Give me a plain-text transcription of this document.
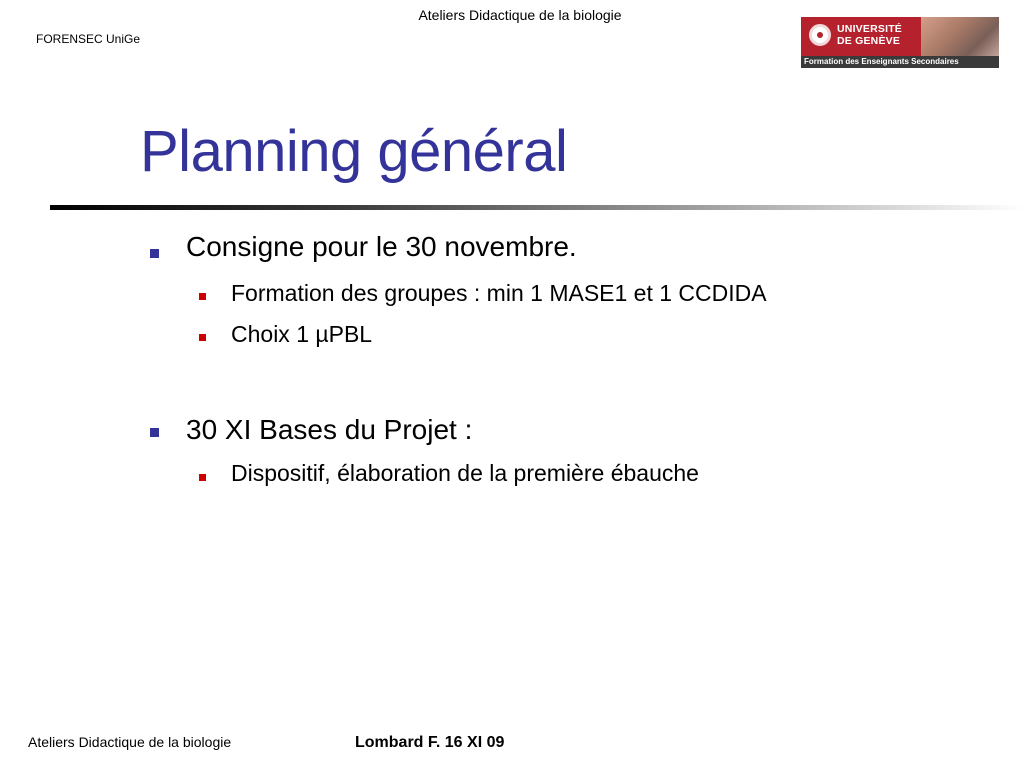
Ateliers Didactique de la biologie
FORENSEC UniGe
UNIVERSITÉ
DE GENÈVE
Formation des Enseignants Secondaires
Planning général
Consigne pour le 30 novembre.
Formation des groupes : min 1 MASE1 et 1 CCDIDA
Choix 1 µPBL
30 XI Bases du Projet :
Dispositif, élaboration de la première ébauche
Ateliers Didactique de la biologie	Lombard F. 16 XI 09
